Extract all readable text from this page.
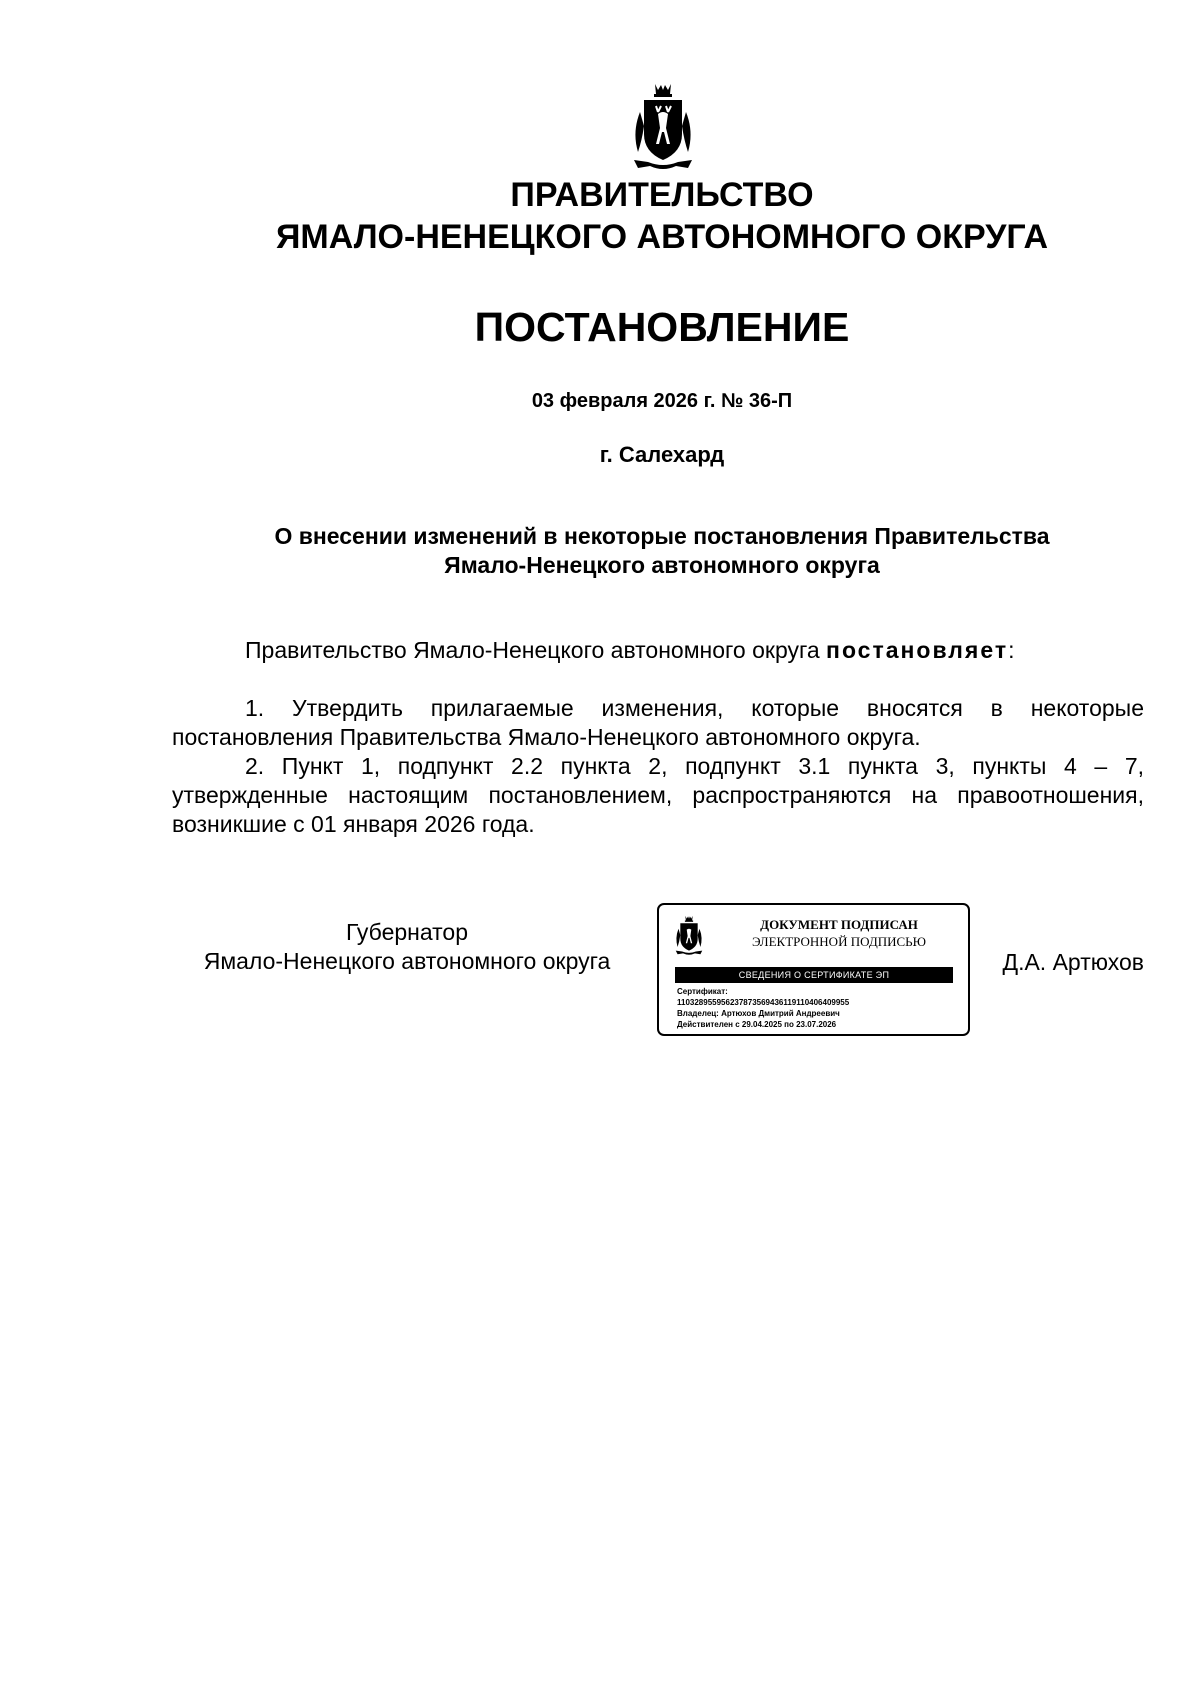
ПРАВИТЕЛЬСТВО
ЯМАЛО-НЕНЕЦКОГО АВТОНОМНОГО ОКРУГА
ПОСТАНОВЛЕНИЕ
03 февраля 2026 г. № 36-П
г. Салехард
О внесении изменений в некоторые постановления Правительства
Ямало-Ненецкого автономного округа
Правительство Ямало-Ненецкого автономного округа постановляет:

1. Утвердить прилагаемые изменения, которые вносятся в некоторые постановления Правительства Ямало-Ненецкого автономного округа.

2. Пункт 1, подпункт 2.2 пункта 2, подпункт 3.1 пункта 3, пункты 4 – 7, утвержденные настоящим постановлением, распространяются на правоотношения, возникшие с 01 января 2026 года.

Губернатор
Ямало-Ненецкого автономного округа
ДОКУМЕНТ ПОДПИСАН
ЭЛЕКТРОННОЙ ПОДПИСЬЮ
СВЕДЕНИЯ О СЕРТИФИКАТЕ ЭП
Сертификат:
110328955956237873569436119110406409955
Владелец: Артюхов Дмитрий Андреевич
Действителен с 29.04.2025 по 23.07.2026
Д.А. Артюхов
